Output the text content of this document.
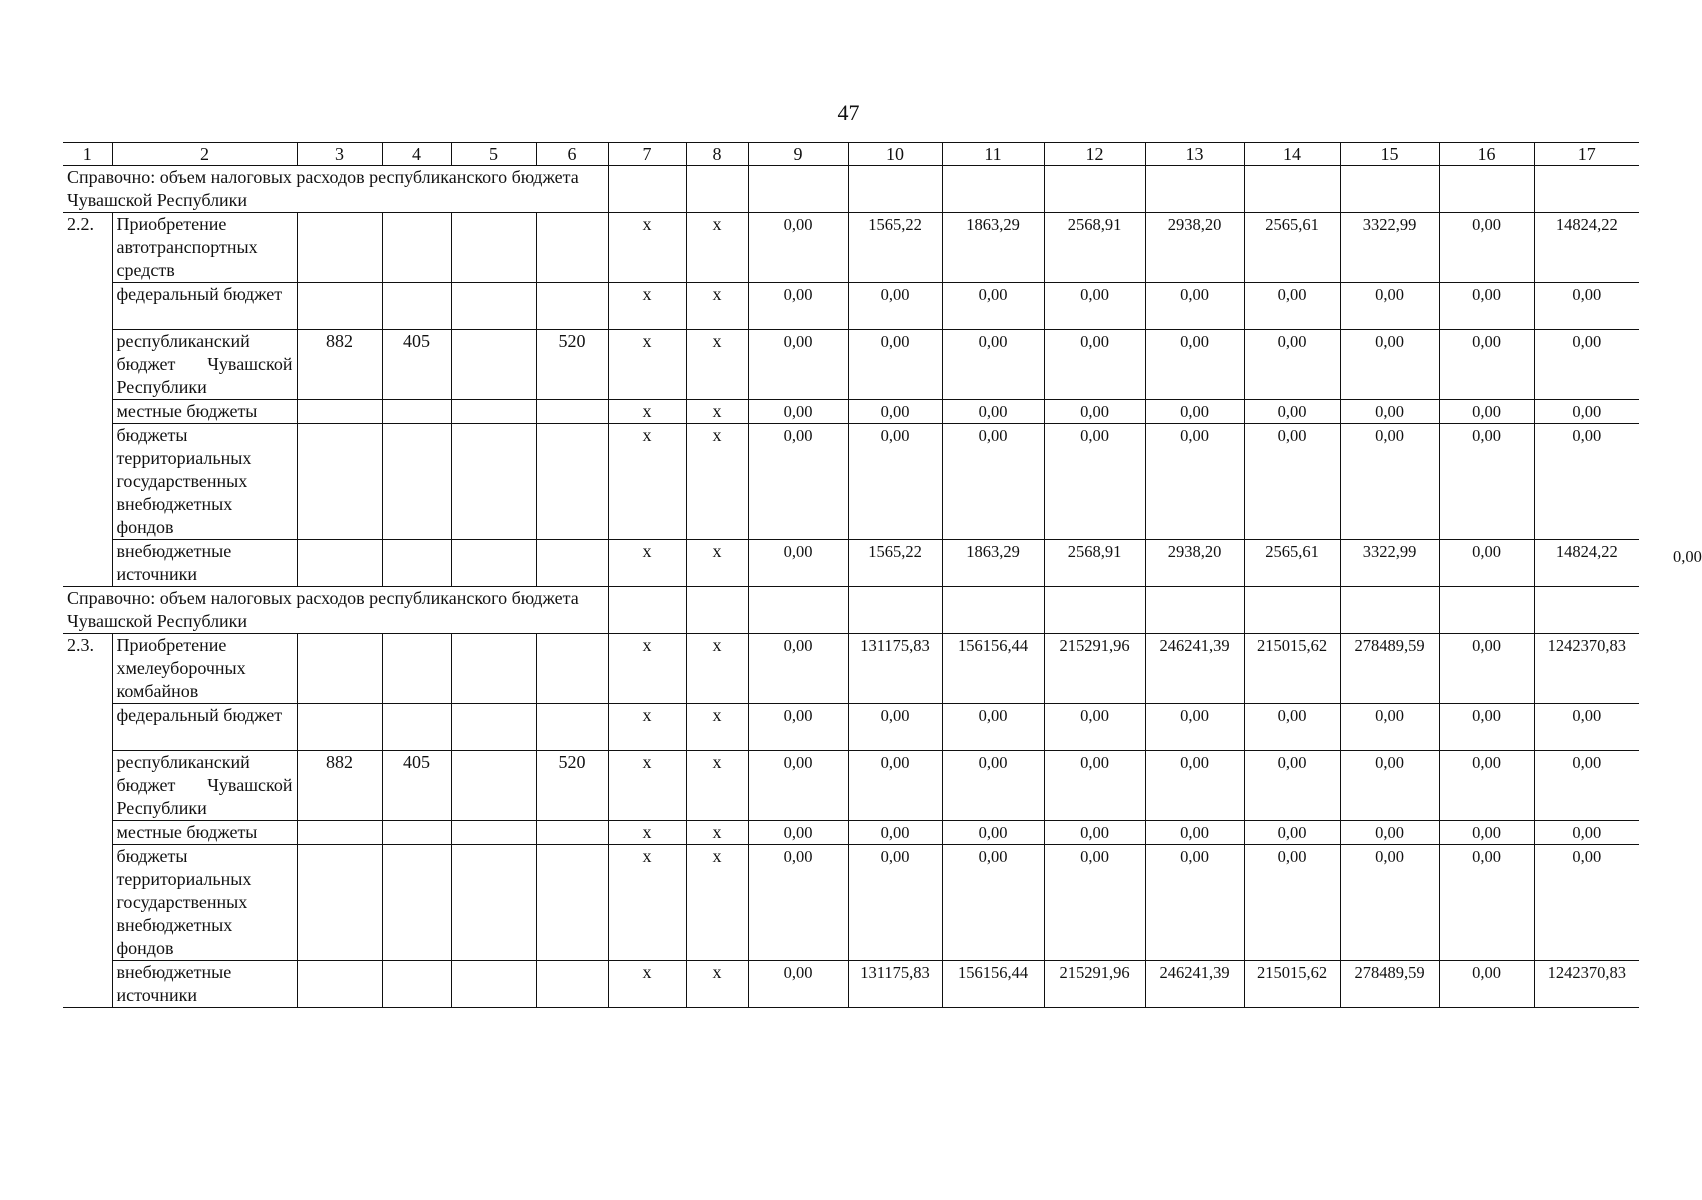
47
1	2	3	4	5	6	7	8	9	10	11	12	13	14	15	16	17
Справочно: объем налоговых расходов республиканского бюджета Чувашской Республики																
2.2.	Приобретение автотранспортных средств					x	x	0,00	1565,22	1863,29	2568,91	2938,20	2565,61	3322,99	0,00	14824,22
	федеральный бюджет					x	x	0,00	0,00	0,00	0,00	0,00	0,00	0,00	0,00	0,00
	республиканский бюджет Чувашской Республики	882	405		520	x	x	0,00	0,00	0,00	0,00	0,00	0,00	0,00	0,00	0,00
	местные бюджеты					x	x	0,00	0,00	0,00	0,00	0,00	0,00	0,00	0,00	0,00
	бюджеты территориальных государственных внебюджетных фондов					x	x	0,00	0,00	0,00	0,00	0,00	0,00	0,00	0,00	0,00
	внебюджетные источники					x	x	0,00	1565,22	1863,29	2568,91	2938,20	2565,61	3322,99	0,00	14824,22
Справочно: объем налоговых расходов республиканского бюджета Чувашской Республики																
2.3.	Приобретение хмелеуборочных комбайнов					x	x	0,00	131175,83	156156,44	215291,96	246241,39	215015,62	278489,59	0,00	1242370,83
	федеральный бюджет					x	x	0,00	0,00	0,00	0,00	0,00	0,00	0,00	0,00	0,00
	республиканский бюджет Чувашской Республики	882	405		520	x	x	0,00	0,00	0,00	0,00	0,00	0,00	0,00	0,00	0,00
	местные бюджеты					x	x	0,00	0,00	0,00	0,00	0,00	0,00	0,00	0,00	0,00
	бюджеты территориальных государственных внебюджетных фондов					x	x	0,00	0,00	0,00	0,00	0,00	0,00	0,00	0,00	0,00
	внебюджетные источники					x	x	0,00	131175,83	156156,44	215291,96	246241,39	215015,62	278489,59	0,00	1242370,83
0,00
